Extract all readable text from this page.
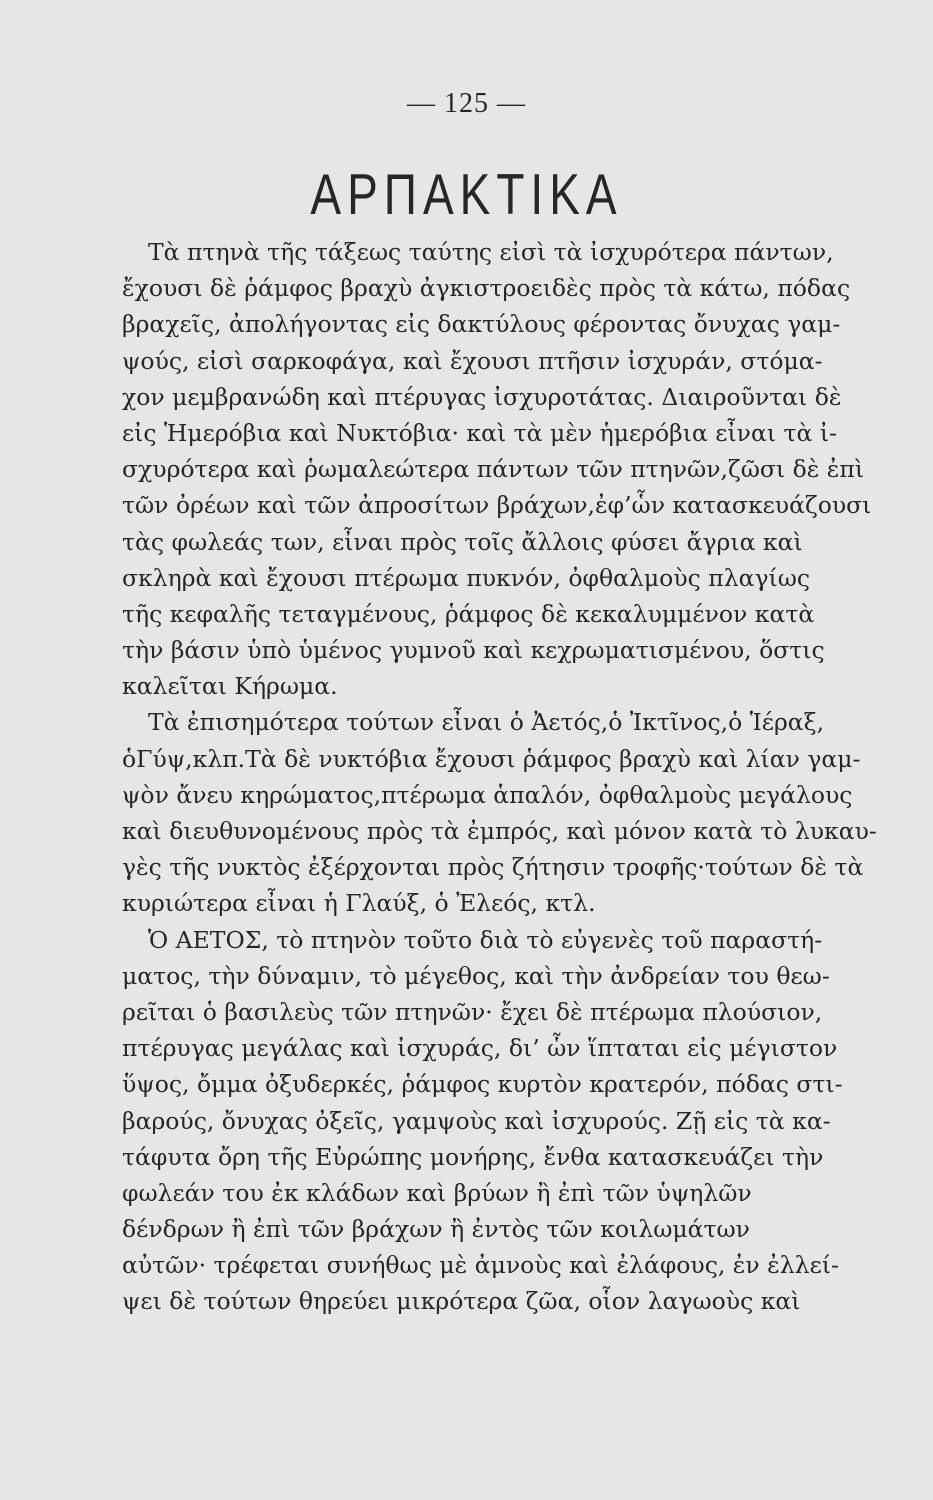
— 125 —
ΑΡΠΑΚΤΙΚΑ
Τὰ πτηνὰ τῆς τάξεως ταύτης εἰσὶ τὰ ἰσχυρότερα πάντων,
ἔχουσι δὲ ῥάμφος βραχὺ ἀγκιστροειδὲς πρὸς τὰ κάτω, πόδας
βραχεῖς, ἀπολήγοντας εἰς δακτύλους φέροντας ὄνυχας γαμ-
ψούς, εἰσὶ σαρκοφάγα, καὶ ἔχουσι πτῆσιν ἰσχυράν, στόμα-
χον μεμβρανώδη καὶ πτέρυγας ἰσχυροτάτας. Διαιροῦνται δὲ
εἰς Ἡμερόβια καὶ Νυκτόβια· καὶ τὰ μὲν ἡμερόβια εἶναι τὰ ἰ-
σχυρότερα καὶ ῥωμαλεώτερα πάντων τῶν πτηνῶν,ζῶσι δὲ ἐπὶ
τῶν ὀρέων καὶ τῶν ἀπροσίτων βράχων,ἐφ’ὧν κατασκευάζουσι
τὰς φωλεάς των, εἶναι πρὸς τοῖς ἄλλοις φύσει ἄγρια καὶ
σκληρὰ καὶ ἔχουσι πτέρωμα πυκνόν, ὀφθαλμοὺς πλαγίως
τῆς κεφαλῆς τεταγμένους, ῥάμφος δὲ κεκαλυμμένον κατὰ
τὴν βάσιν ὑπὸ ὑμένος γυμνοῦ καὶ κεχρωματισμένου, ὅστις
καλεῖται Κήρωμα.
Τὰ ἐπισημότερα τούτων εἶναι ὁ Ἀετός,ὁ Ἰκτῖνος,ὁ Ἱέραξ,
ὁΓύψ,κλπ.Τὰ δὲ νυκτόβια ἔχουσι ῥάμφος βραχὺ καὶ λίαν γαμ-
ψὸν ἄνευ κηρώματος,πτέρωμα ἁπαλόν, ὀφθαλμοὺς μεγάλους
καὶ διευθυνομένους πρὸς τὰ ἐμπρός, καὶ μόνον κατὰ τὸ λυκαυ-
γὲς τῆς νυκτὸς ἐξέρχονται πρὸς ζήτησιν τροφῆς·τούτων δὲ τὰ
κυριώτερα εἶναι ἡ Γλαύξ, ὁ Ἐλεός, κτλ.
Ὁ ΑΕΤΟΣ, τὸ πτηνὸν τοῦτο διὰ τὸ εὐγενὲς τοῦ παραστή-
ματος, τὴν δύναμιν, τὸ μέγεθος, καὶ τὴν ἀνδρείαν του θεω-
ρεῖται ὁ βασιλεὺς τῶν πτηνῶν· ἔχει δὲ πτέρωμα πλούσιον,
πτέρυγας μεγάλας καὶ ἰσχυράς, δι’ ὧν ἵπταται εἰς μέγιστον
ὕψος, ὄμμα ὀξυδερκές, ῥάμφος κυρτὸν κρατερόν, πόδας στι-
βαρούς, ὄνυχας ὀξεῖς, γαμψοὺς καὶ ἰσχυρούς. Ζῇ εἰς τὰ κα-
τάφυτα ὄρη τῆς Εὐρώπης μονήρης, ἔνθα κατασκευάζει τὴν
φωλεάν του ἐκ κλάδων καὶ βρύων ἢ ἐπὶ τῶν ὑψηλῶν
δένδρων ἢ ἐπὶ τῶν βράχων ἢ ἐντὸς τῶν κοιλωμάτων
αὐτῶν· τρέφεται συνήθως μὲ ἀμνοὺς καὶ ἐλάφους, ἐν ἐλλεί-
ψει δὲ τούτων θηρεύει μικρότερα ζῶα, οἷον λαγωοὺς καὶ
